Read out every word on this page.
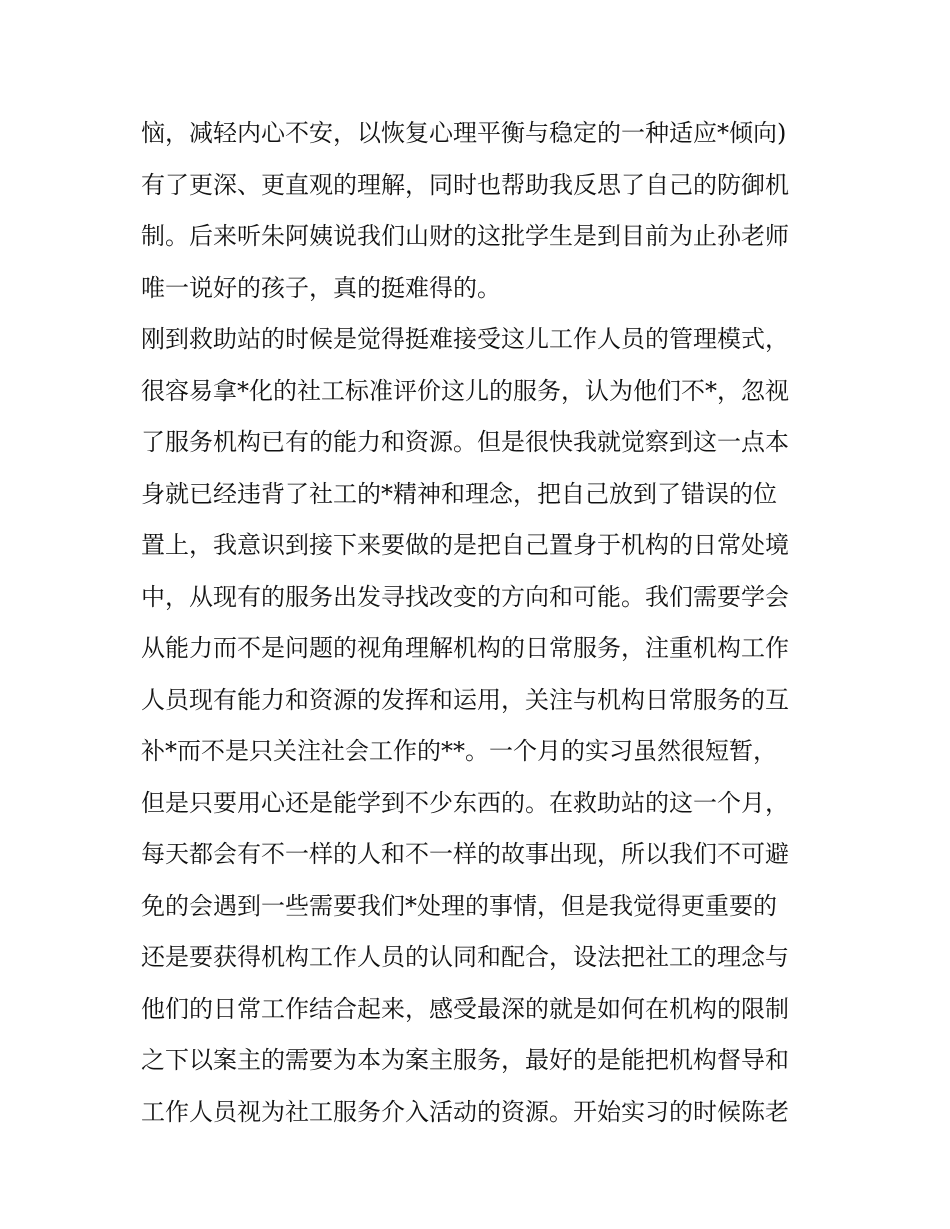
恼，减轻内心不安，以恢复心理平衡与稳定的一种适应*倾向)
有了更深、更直观的理解，同时也帮助我反思了自己的防御机
制。后来听朱阿姨说我们山财的这批学生是到目前为止孙老师
唯一说好的孩子，真的挺难得的。
刚到救助站的时候是觉得挺难接受这儿工作人员的管理模式，
很容易拿*化的社工标准评价这儿的服务，认为他们不*，忽视
了服务机构已有的能力和资源。但是很快我就觉察到这一点本
身就已经违背了社工的*精神和理念，把自己放到了错误的位
置上，我意识到接下来要做的是把自己置身于机构的日常处境
中，从现有的服务出发寻找改变的方向和可能。我们需要学会
从能力而不是问题的视角理解机构的日常服务，注重机构工作
人员现有能力和资源的发挥和运用，关注与机构日常服务的互
补*而不是只关注社会工作的**。一个月的实习虽然很短暂，
但是只要用心还是能学到不少东西的。在救助站的这一个月，
每天都会有不一样的人和不一样的故事出现，所以我们不可避
免的会遇到一些需要我们*处理的事情，但是我觉得更重要的
还是要获得机构工作人员的认同和配合，设法把社工的理念与
他们的日常工作结合起来，感受最深的就是如何在机构的限制
之下以案主的需要为本为案主服务，最好的是能把机构督导和
工作人员视为社工服务介入活动的资源。开始实习的时候陈老
